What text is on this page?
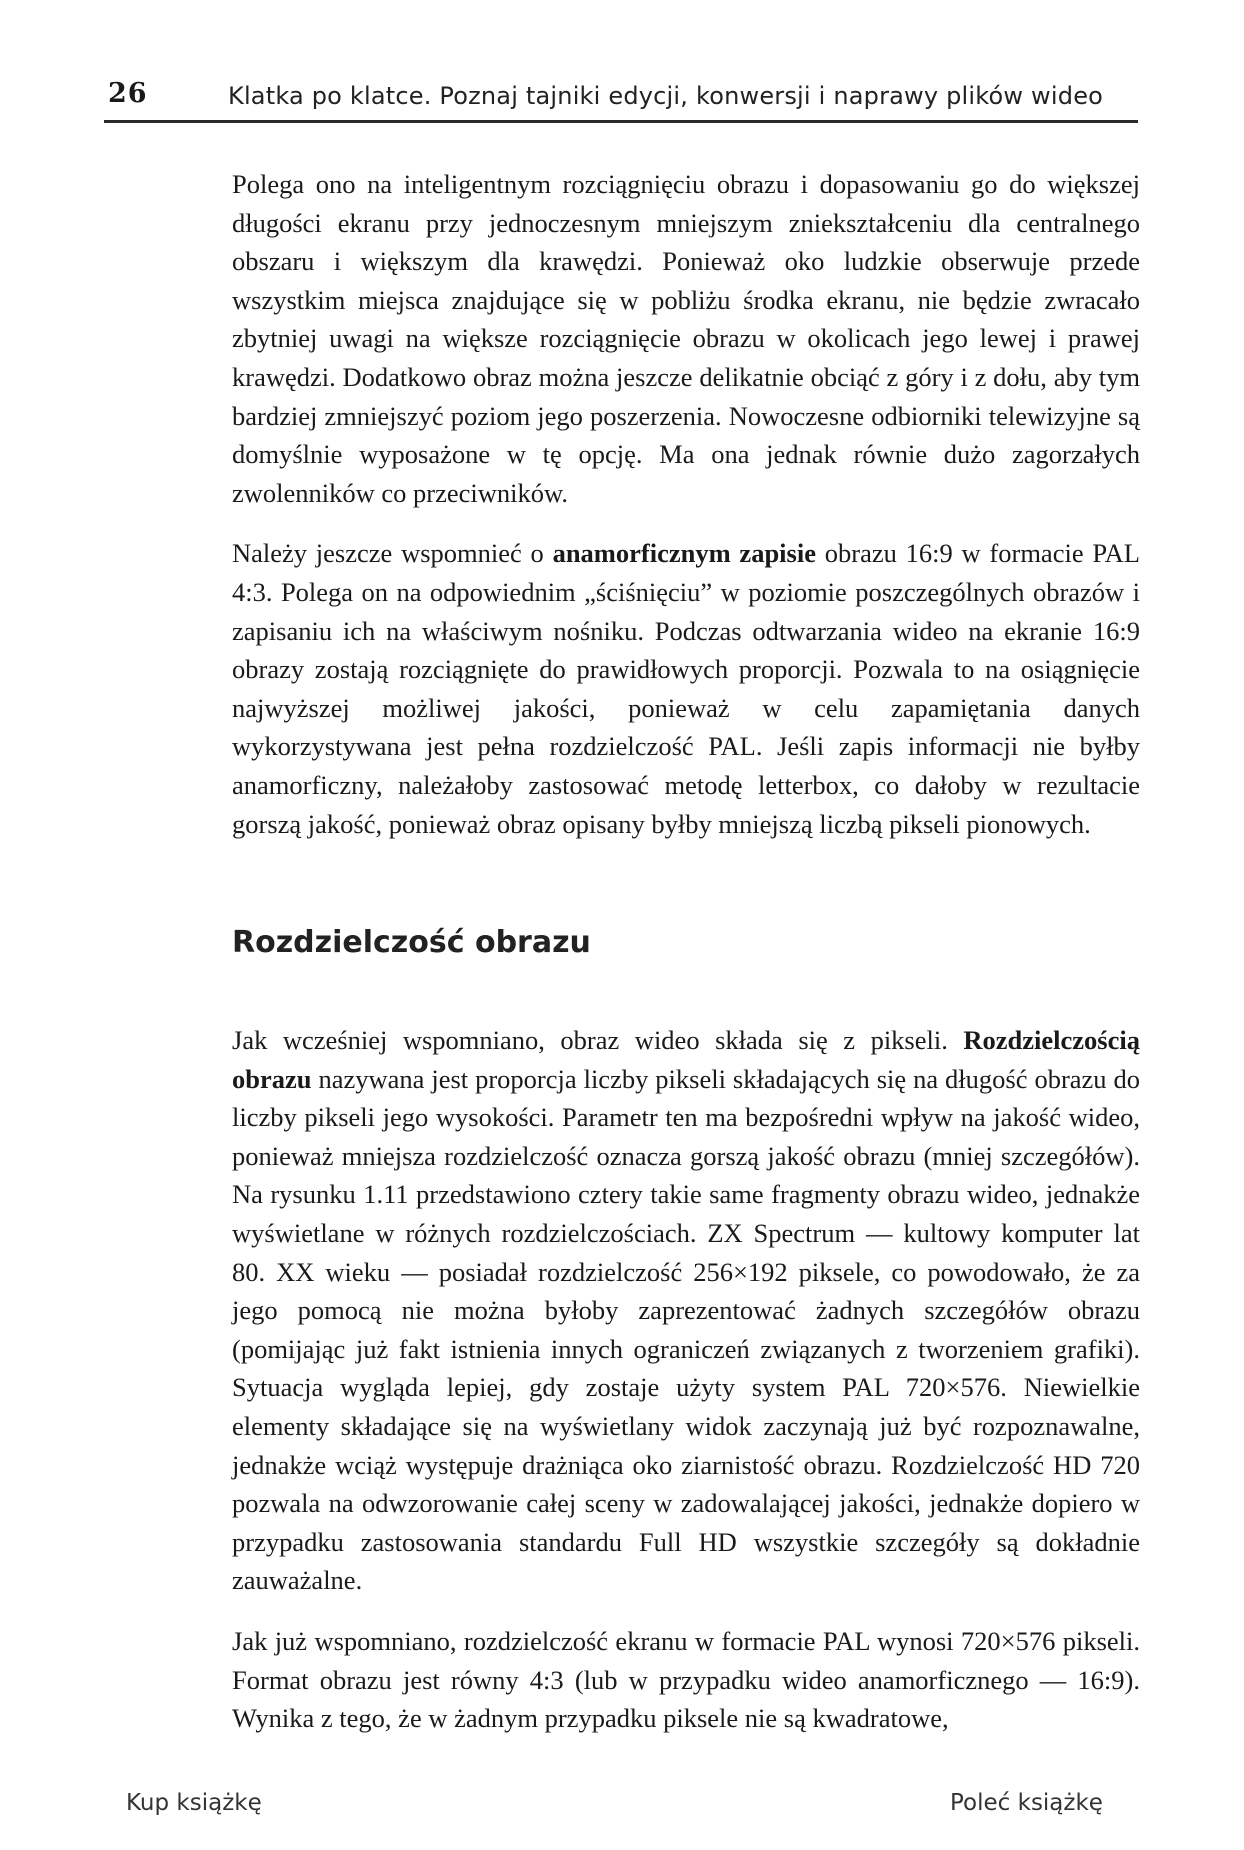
26	Klatka po klatce. Poznaj tajniki edycji, konwersji i naprawy plików wideo

Polega ono na inteligentnym rozciągnięciu obrazu i dopasowaniu go do większej długości ekranu przy jednoczesnym mniejszym zniekształceniu dla centralnego obszaru i większym dla krawędzi. Ponieważ oko ludzkie obserwuje przede wszystkim miejsca znajdujące się w pobliżu środka ekranu, nie będzie zwracało zbytniej uwagi na większe rozciągnięcie obrazu w okolicach jego lewej i prawej krawędzi. Dodatkowo obraz można jeszcze delikatnie obciąć z góry i z dołu, aby tym bardziej zmniejszyć poziom jego poszerzenia. Nowoczesne odbiorniki telewizyjne są domyślnie wyposażone w tę opcję. Ma ona jednak równie dużo zagorzałych zwolenników co przeciwników.

Należy jeszcze wspomnieć o anamorficznym zapisie obrazu 16:9 w formacie PAL 4:3. Polega on na odpowiednim „ściśnięciu” w poziomie poszczególnych obrazów i zapisaniu ich na właściwym nośniku. Podczas odtwarzania wideo na ekranie 16:9 obrazy zostają rozciągnięte do prawidłowych proporcji. Pozwala to na osiągnięcie najwyższej możliwej jakości, ponieważ w celu zapamiętania danych wykorzystywana jest pełna rozdzielczość PAL. Jeśli zapis informacji nie byłby anamorficzny, należałoby zastosować metodę letterbox, co dałoby w rezultacie gorszą jakość, ponieważ obraz opisany byłby mniejszą liczbą pikseli pionowych.

Rozdzielczość obrazu

Jak wcześniej wspomniano, obraz wideo składa się z pikseli. Rozdzielczością obrazu nazywana jest proporcja liczby pikseli składających się na długość obrazu do liczby pikseli jego wysokości. Parametr ten ma bezpośredni wpływ na jakość wideo, ponieważ mniejsza rozdzielczość oznacza gorszą jakość obrazu (mniej szczegółów). Na rysunku 1.11 przedstawiono cztery takie same fragmenty obrazu wideo, jednakże wyświetlane w różnych rozdzielczościach. ZX Spectrum — kultowy komputer lat 80. XX wieku — posiadał rozdzielczość 256×192 piksele, co powodowało, że za jego pomocą nie można byłoby zaprezentować żadnych szczegółów obrazu (pomijając już fakt istnienia innych ograniczeń związanych z tworzeniem grafiki). Sytuacja wygląda lepiej, gdy zostaje użyty system PAL 720×576. Niewielkie elementy składające się na wyświetlany widok zaczynają już być rozpoznawalne, jednakże wciąż występuje drażniąca oko ziarnistość obrazu. Rozdzielczość HD 720 pozwala na odwzorowanie całej sceny w zadowalającej jakości, jednakże dopiero w przypadku zastosowania standardu Full HD wszystkie szczegóły są dokładnie zauważalne.

Jak już wspomniano, rozdzielczość ekranu w formacie PAL wynosi 720×576 pikseli. Format obrazu jest równy 4:3 (lub w przypadku wideo anamorficznego — 16:9). Wynika z tego, że w żadnym przypadku piksele nie są kwadratowe,

Kup książkę	Poleć książkę
